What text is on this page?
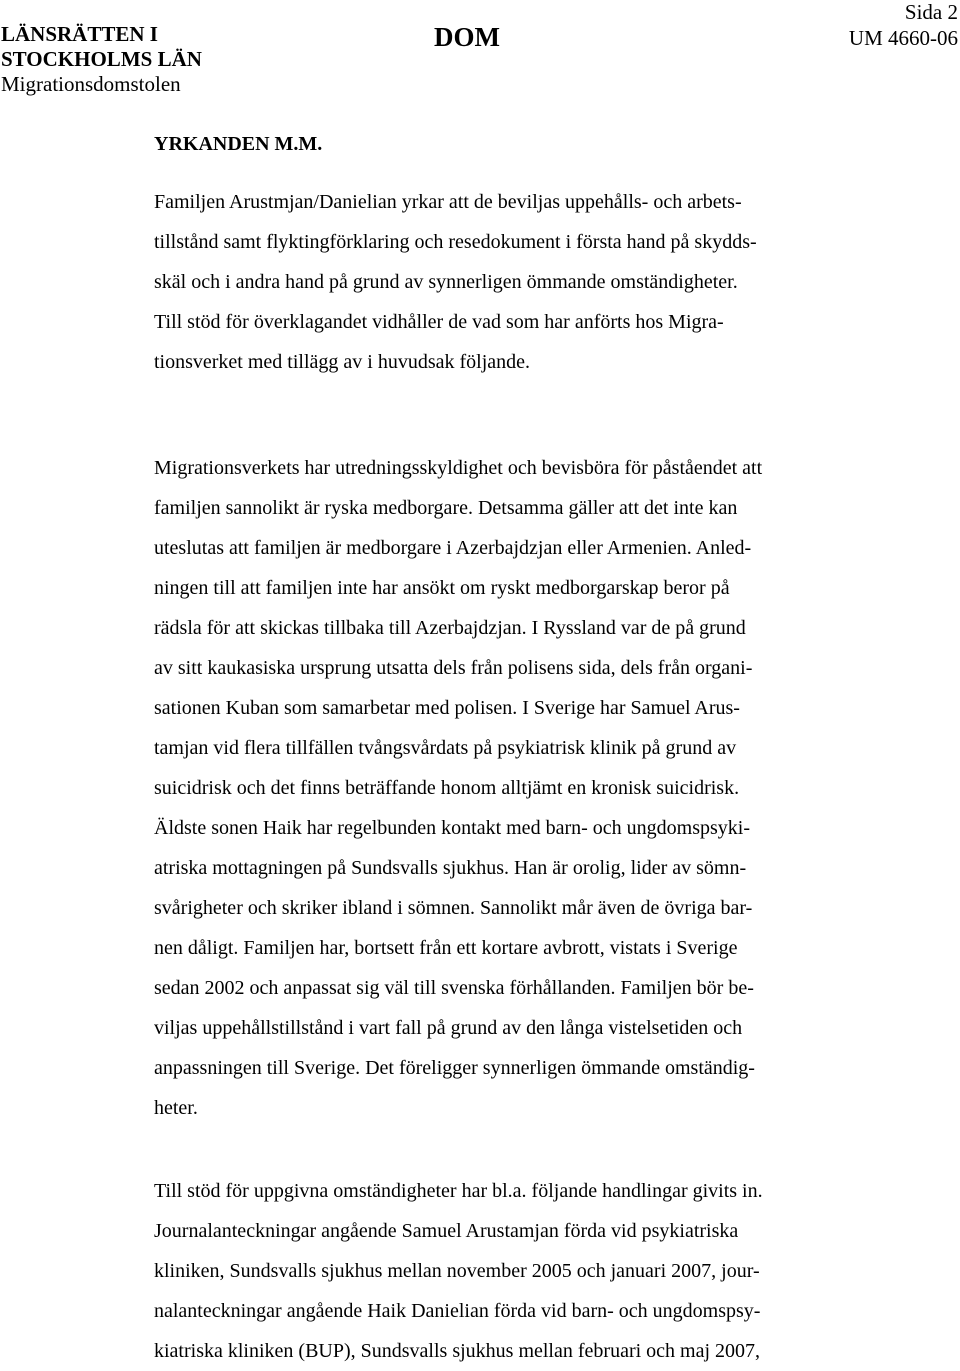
LÄNSRÄTTEN I
STOCKHOLMS LÄN
Migrationsdomstolen
DOM
Sida 2
UM 4660-06
YRKANDEN M.M.
Familjen Arustmjan/Danielian yrkar att de beviljas uppehålls- och arbets-
tillstånd samt flyktingförklaring och resedokument i första hand på skydds-
skäl och i andra hand på grund av synnerligen ömmande omständigheter.
Till stöd för överklagandet vidhåller de vad som har anförts hos Migra-
tionsverket med tillägg av i huvudsak följande.
Migrationsverkets har utredningsskyldighet och bevisböra för påståendet att
familjen sannolikt är ryska medborgare. Detsamma gäller att det inte kan
uteslutas att familjen är medborgare i Azerbajdzjan eller Armenien. Anled-
ningen till att familjen inte har ansökt om ryskt medborgarskap beror på
rädsla för att skickas tillbaka till Azerbajdzjan. I Ryssland var de på grund
av sitt kaukasiska ursprung utsatta dels från polisens sida, dels från organi-
sationen Kuban som samarbetar med polisen. I Sverige har Samuel Arus-
tamjan vid flera tillfällen tvångsvårdats på psykiatrisk klinik på grund av
suicidrisk och det finns beträffande honom alltjämt en kronisk suicidrisk.
Äldste sonen Haik har regelbunden kontakt med barn- och ungdomspsyki-
atriska mottagningen på Sundsvalls sjukhus. Han är orolig, lider av sömn-
svårigheter och skriker ibland i sömnen. Sannolikt mår även de övriga bar-
nen dåligt. Familjen har, bortsett från ett kortare avbrott, vistats i Sverige
sedan 2002 och anpassat sig väl till svenska förhållanden. Familjen bör be-
viljas uppehållstillstånd i vart fall på grund av den långa vistelsetiden och
anpassningen till Sverige. Det föreligger synnerligen ömmande omständig-
heter.
Till stöd för uppgivna omständigheter har bl.a. följande handlingar givits in.
Journalanteckningar angående Samuel Arustamjan förda vid psykiatriska
kliniken, Sundsvalls sjukhus mellan november 2005 och januari 2007, jour-
nalanteckningar angående Haik Danielian förda vid barn- och ungdomspsy-
kiatriska kliniken (BUP), Sundsvalls sjukhus mellan februari och maj 2007,
